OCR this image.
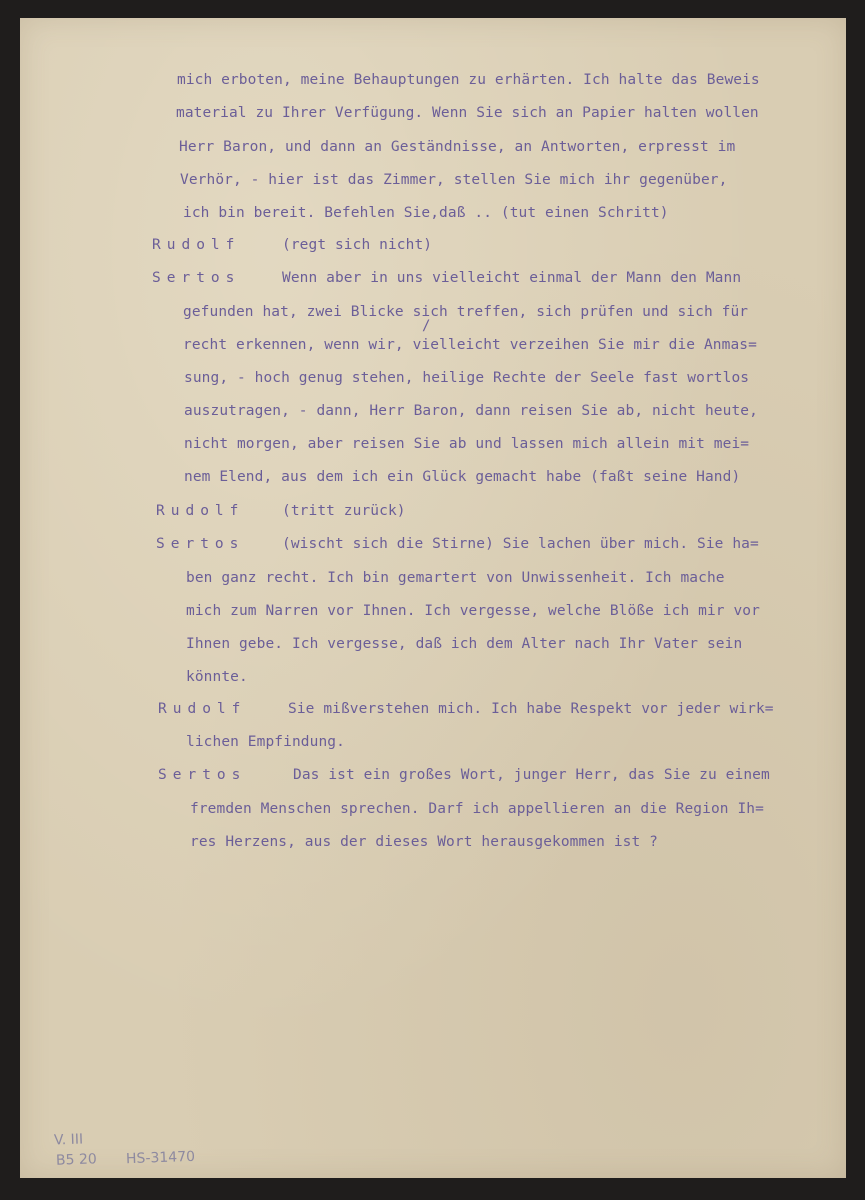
mich erboten, meine Behauptungen zu erhärten. Ich halte das Beweis
material zu Ihrer Verfügung. Wenn Sie sich an Papier halten wollen
Herr Baron, und dann an Geständnisse, an Antworten, erpresst im
Verhör, - hier ist das Zimmer, stellen Sie mich ihr gegenüber,
ich bin bereit. Befehlen Sie,daß .. (tut einen Schritt)
Rudolf	(regt sich nicht)
Sertos	Wenn aber in uns vielleicht einmal der Mann den Mann
gefunden hat, zwei Blicke sich treffen, sich prüfen und sich für
/
recht erkennen, wenn wir, vielleicht verzeihen Sie mir die Anmas=
sung, - hoch genug stehen, heilige Rechte der Seele fast wortlos
auszutragen, - dann, Herr Baron, dann reisen Sie ab, nicht heute,
nicht morgen, aber reisen Sie ab und lassen mich allein mit mei=
nem Elend, aus dem ich ein Glück gemacht habe (faßt seine Hand)
Rudolf	(tritt zurück)
Sertos	(wischt sich die Stirne) Sie lachen über mich. Sie ha=
ben ganz recht. Ich bin gemartert von Unwissenheit. Ich mache
mich zum Narren vor Ihnen. Ich vergesse, welche Blöße ich mir vor
Ihnen gebe. Ich vergesse, daß ich dem Alter nach Ihr Vater sein
könnte.
Rudolf	Sie mißverstehen mich. Ich habe Respekt vor jeder wirk=
lichen Empfindung.
Sertos	Das ist ein großes Wort, junger Herr, das Sie zu einem
fremden Menschen sprechen. Darf ich appellieren an die Region Ih=
res Herzens, aus der dieses Wort herausgekommen ist ?
V. III
B5 20 HS-31470
